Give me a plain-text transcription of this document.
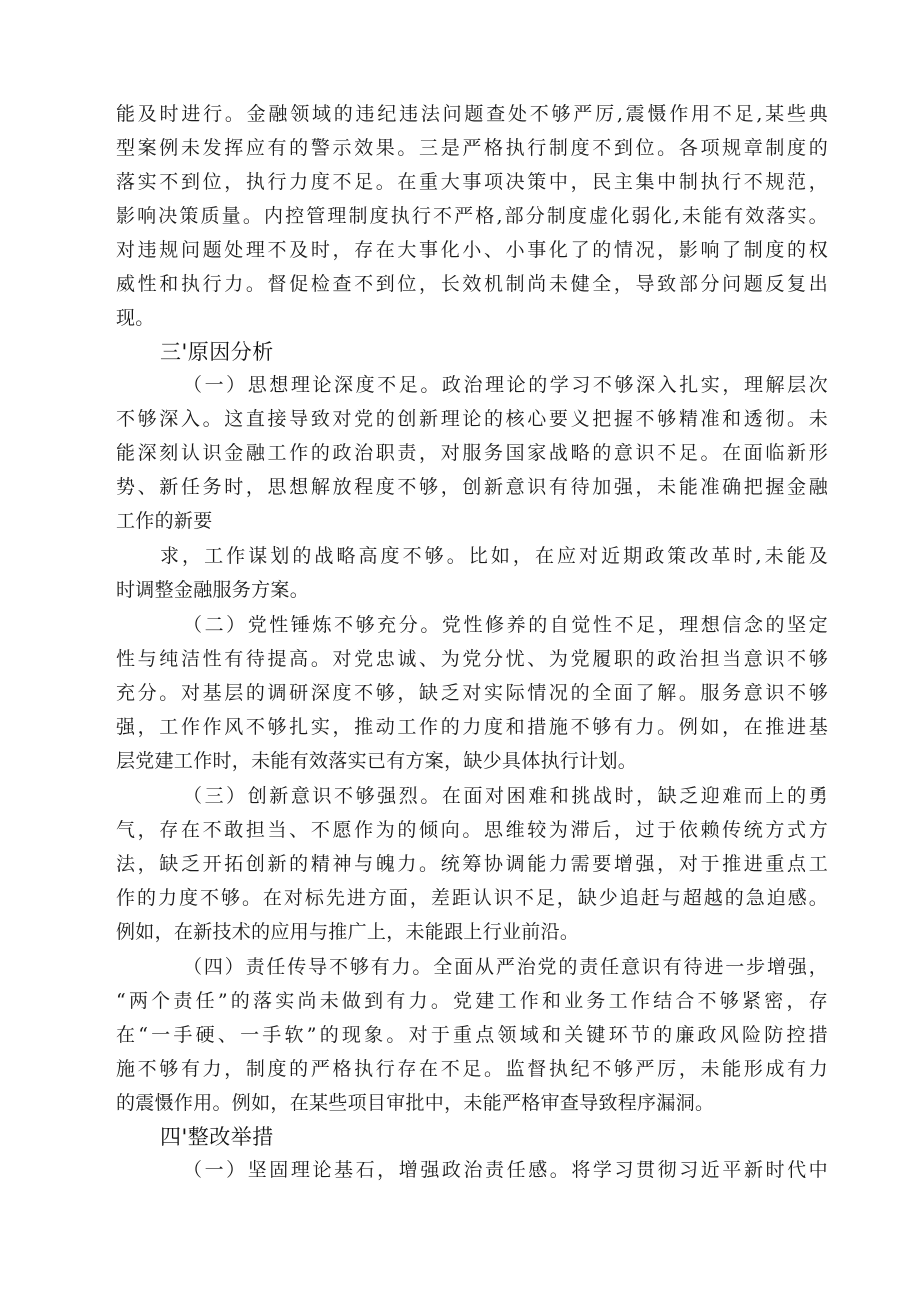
能及时进行。金融领域的违纪违法问题查处不够严厉,震慑作用不足,某些典
型案例未发挥应有的警示效果。三是严格执行制度不到位。各项规章制度的
落实不到位，执行力度不足。在重大事项决策中，民主集中制执行不规范，
影响决策质量。内控管理制度执行不严格,部分制度虚化弱化,未能有效落实。
对违规问题处理不及时，存在大事化小、小事化了的情况，影响了制度的权
威性和执行力。督促检查不到位，长效机制尚未健全，导致部分问题反复出
现。
三'原因分析
（一）思想理论深度不足。政治理论的学习不够深入扎实，理解层次
不够深入。这直接导致对党的创新理论的核心要义把握不够精准和透彻。未
能深刻认识金融工作的政治职责，对服务国家战略的意识不足。在面临新形
势、新任务时，思想解放程度不够，创新意识有待加强，未能准确把握金融
工作的新要
求，工作谋划的战略高度不够。比如，在应对近期政策改革时,未能及
时调整金融服务方案。
（二）党性锤炼不够充分。党性修养的自觉性不足，理想信念的坚定
性与纯洁性有待提高。对党忠诚、为党分忧、为党履职的政治担当意识不够
充分。对基层的调研深度不够，缺乏对实际情况的全面了解。服务意识不够
强，工作作风不够扎实，推动工作的力度和措施不够有力。例如，在推进基
层党建工作时，未能有效落实已有方案，缺少具体执行计划。
（三）创新意识不够强烈。在面对困难和挑战时，缺乏迎难而上的勇
气，存在不敢担当、不愿作为的倾向。思维较为滞后，过于依赖传统方式方
法，缺乏开拓创新的精神与魄力。统筹协调能力需要增强，对于推进重点工
作的力度不够。在对标先进方面，差距认识不足，缺少追赶与超越的急迫感。
例如，在新技术的应用与推广上，未能跟上行业前沿。
（四）责任传导不够有力。全面从严治党的责任意识有待进一步增强，
“两个责任”的落实尚未做到有力。党建工作和业务工作结合不够紧密，存
在“一手硬、一手软”的现象。对于重点领域和关键环节的廉政风险防控措
施不够有力，制度的严格执行存在不足。监督执纪不够严厉，未能形成有力
的震慑作用。例如，在某些项目审批中，未能严格审查导致程序漏洞。
四'整改举措
（一）坚固理论基石，增强政治责任感。将学习贯彻习近平新时代中
